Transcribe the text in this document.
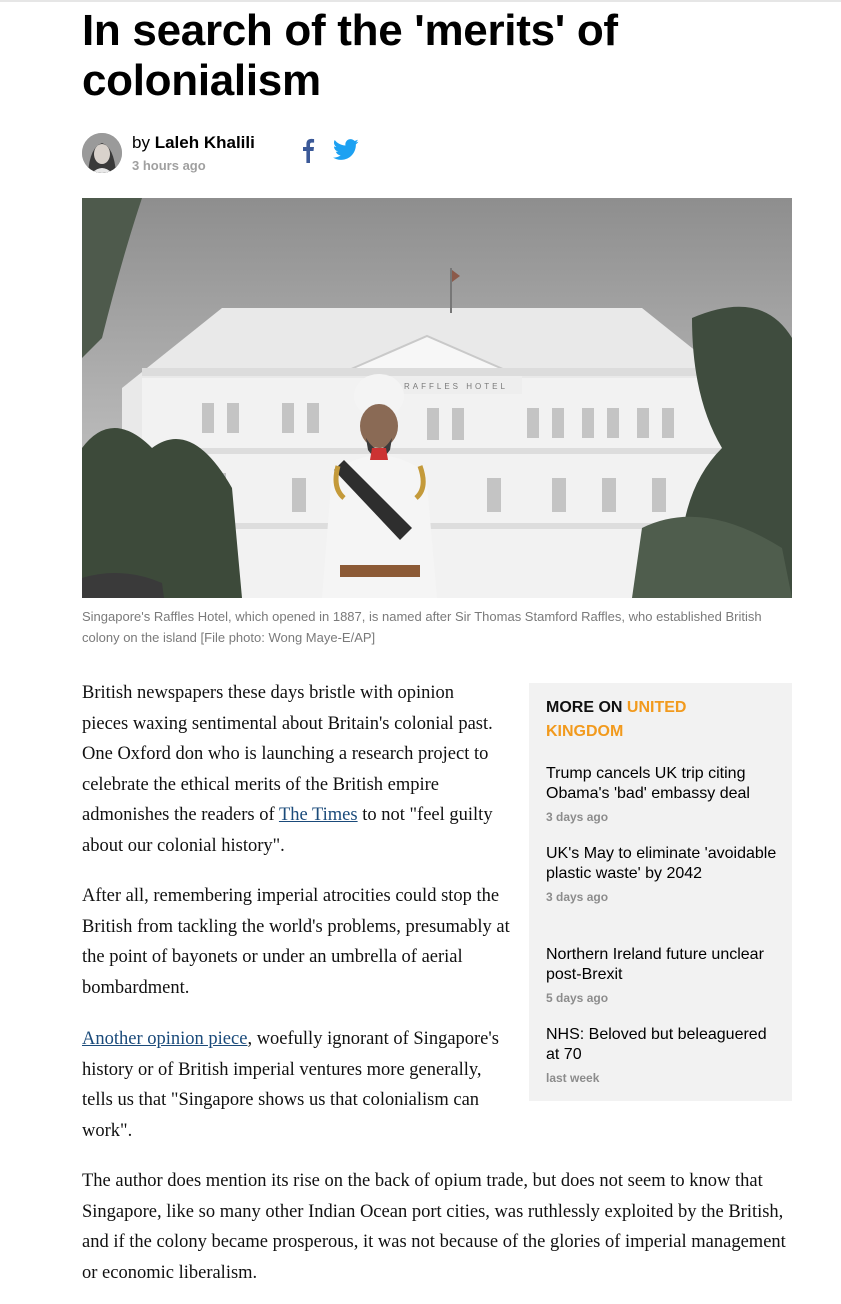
In search of the 'merits' of colonialism
by Laleh Khalili
3 hours ago
RAFFLES HOTEL
Singapore's Raffles Hotel, which opened in 1887, is named after Sir Thomas Stamford Raffles, who established British colony on the island [File photo: Wong Maye-E/AP]

British newspapers these days bristle with opinion pieces waxing sentimental about Britain's colonial past. One Oxford don who is launching a research project to celebrate the ethical merits of the British empire admonishes the readers of The Times to not "feel guilty about our colonial history".

After all, remembering imperial atrocities could stop the British from tackling the world's problems, presumably at the point of bayonets or under an umbrella of aerial bombardment.

Another opinion piece, woefully ignorant of Singapore's history or of British imperial ventures more generally, tells us that "Singapore shows us that colonialism can work".

The author does mention its rise on the back of opium trade, but does not seem to know that Singapore, like so many other Indian Ocean port cities, was ruthlessly exploited by the British, and if the colony became prosperous, it was not because of the glories of imperial management or economic liberalism.

MORE ON UNITED KINGDOM
Trump cancels UK trip citing Obama's 'bad' embassy deal
3 days ago
UK's May to eliminate 'avoidable plastic waste' by 2042
3 days ago
Northern Ireland future unclear post-Brexit
5 days ago
NHS: Beloved but beleaguered at 70
last week
